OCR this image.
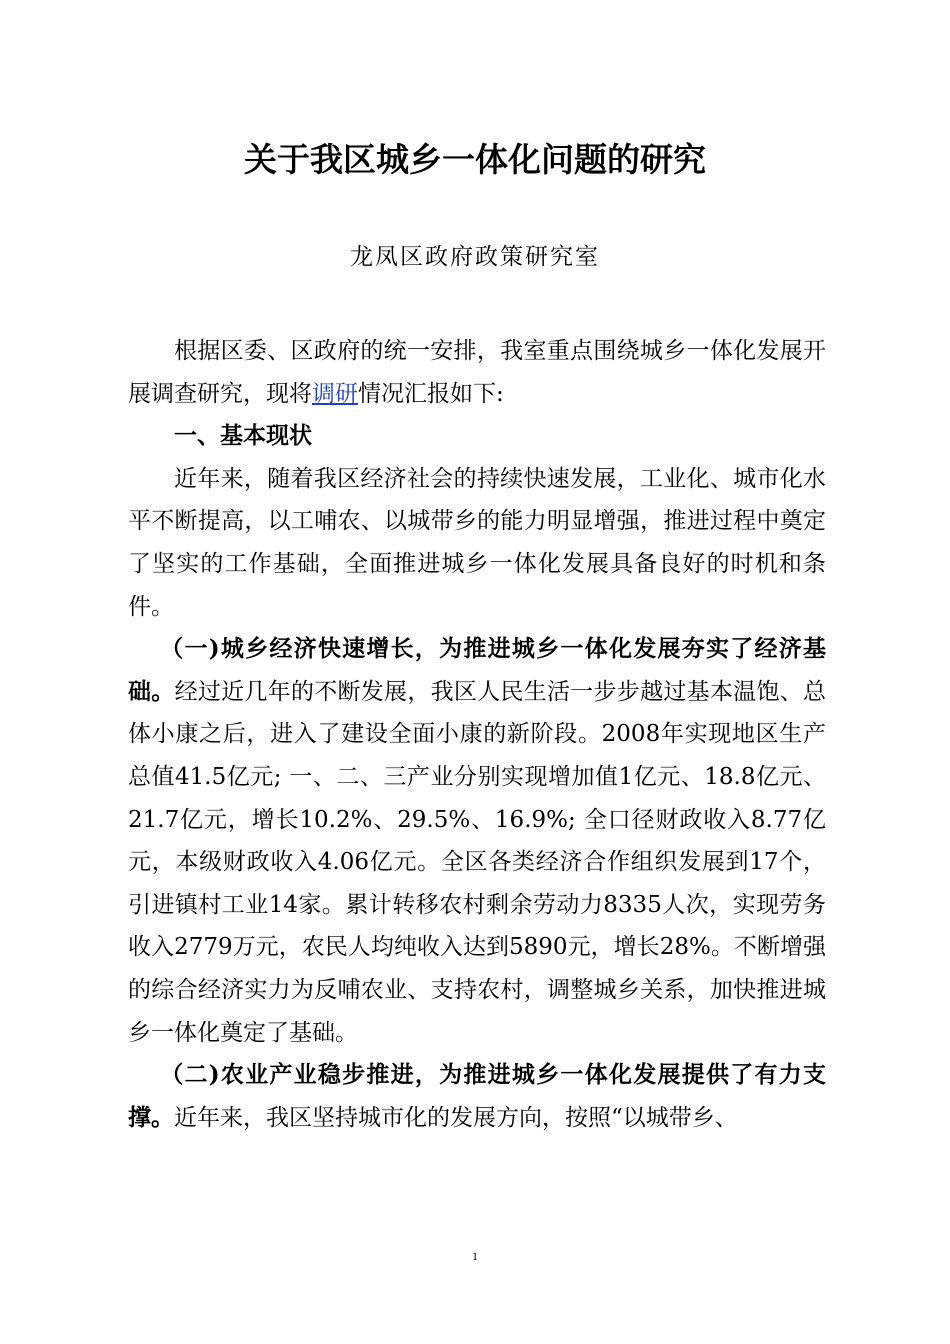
关于我区城乡一体化问题的研究
龙凤区政府政策研究室

根据区委、区政府的统一安排，我室重点围绕城乡一体化发展开展调查研究，现将调研情况汇报如下:

一、基本现状

近年来，随着我区经济社会的持续快速发展，工业化、城市化水平不断提高，以工哺农、以城带乡的能力明显增强，推进过程中奠定了坚实的工作基础，全面推进城乡一体化发展具备良好的时机和条件。

（一)城乡经济快速增长，为推进城乡一体化发展夯实了经济基础。经过近几年的不断发展，我区人民生活一步步越过基本温饱、总体小康之后，进入了建设全面小康的新阶段。2008年实现地区生产总值41.5亿元; 一、二、三产业分别实现增加值1亿元、18.8亿元、21.7亿元，增长10.2%、29.5%、16.9%; 全口径财政收入8.77亿元，本级财政收入4.06亿元。全区各类经济合作组织发展到17个，引进镇村工业14家。累计转移农村剩余劳动力8335人次，实现劳务收入2779万元，农民人均纯收入达到5890元，增长28%。不断增强的综合经济实力为反哺农业、支持农村，调整城乡关系，加快推进城乡一体化奠定了基础。

（二)农业产业稳步推进，为推进城乡一体化发展提供了有力支撑。近年来，我区坚持城市化的发展方向，按照“以城带乡、

1
